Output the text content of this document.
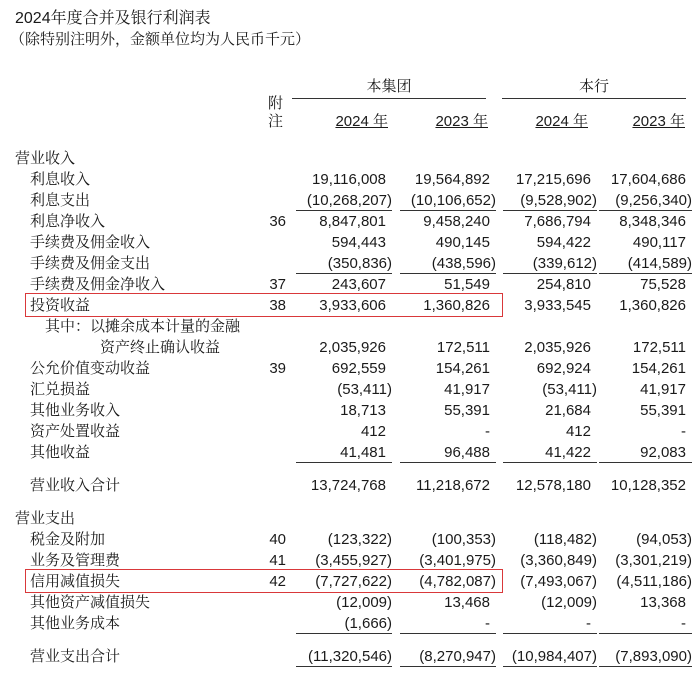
2024年度合并及银行利润表
（除特别注明外，金额单位均为人民币千元）
本集团	本行
附
注	2024 年	2023 年	2024 年	2023 年
营业收入
利息收入	19,116,008	19,564,892	17,215,696	17,604,686
利息支出	(10,268,207)	(10,106,652)	(9,528,902)	(9,256,340)
利息净收入	36	8,847,801	9,458,240	7,686,794	8,348,346
手续费及佣金收入	594,443	490,145	594,422	490,117
手续费及佣金支出	(350,836)	(438,596)	(339,612)	(414,589)
手续费及佣金净收入	37	243,607	51,549	254,810	75,528
投资收益	38	3,933,606	1,360,826	3,933,545	1,360,826
其中：以摊余成本计量的金融
资产终止确认收益	2,035,926	172,511	2,035,926	172,511
公允价值变动收益	39	692,559	154,261	692,924	154,261
汇兑损益	(53,411)	41,917	(53,411)	41,917
其他业务收入	18,713	55,391	21,684	55,391
资产处置收益	412	-	412	-
其他收益	41,481	96,488	41,422	92,083
营业收入合计	13,724,768	11,218,672	12,578,180	10,128,352
营业支出
税金及附加	40	(123,322)	(100,353)	(118,482)	(94,053)
业务及管理费	41	(3,455,927)	(3,401,975)	(3,360,849)	(3,301,219)
信用减值损失	42	(7,727,622)	(4,782,087)	(7,493,067)	(4,511,186)
其他资产减值损失	(12,009)	13,468	(12,009)	13,368
其他业务成本	(1,666)	-	-	-
营业支出合计	(11,320,546)	(8,270,947)	(10,984,407)	(7,893,090)
